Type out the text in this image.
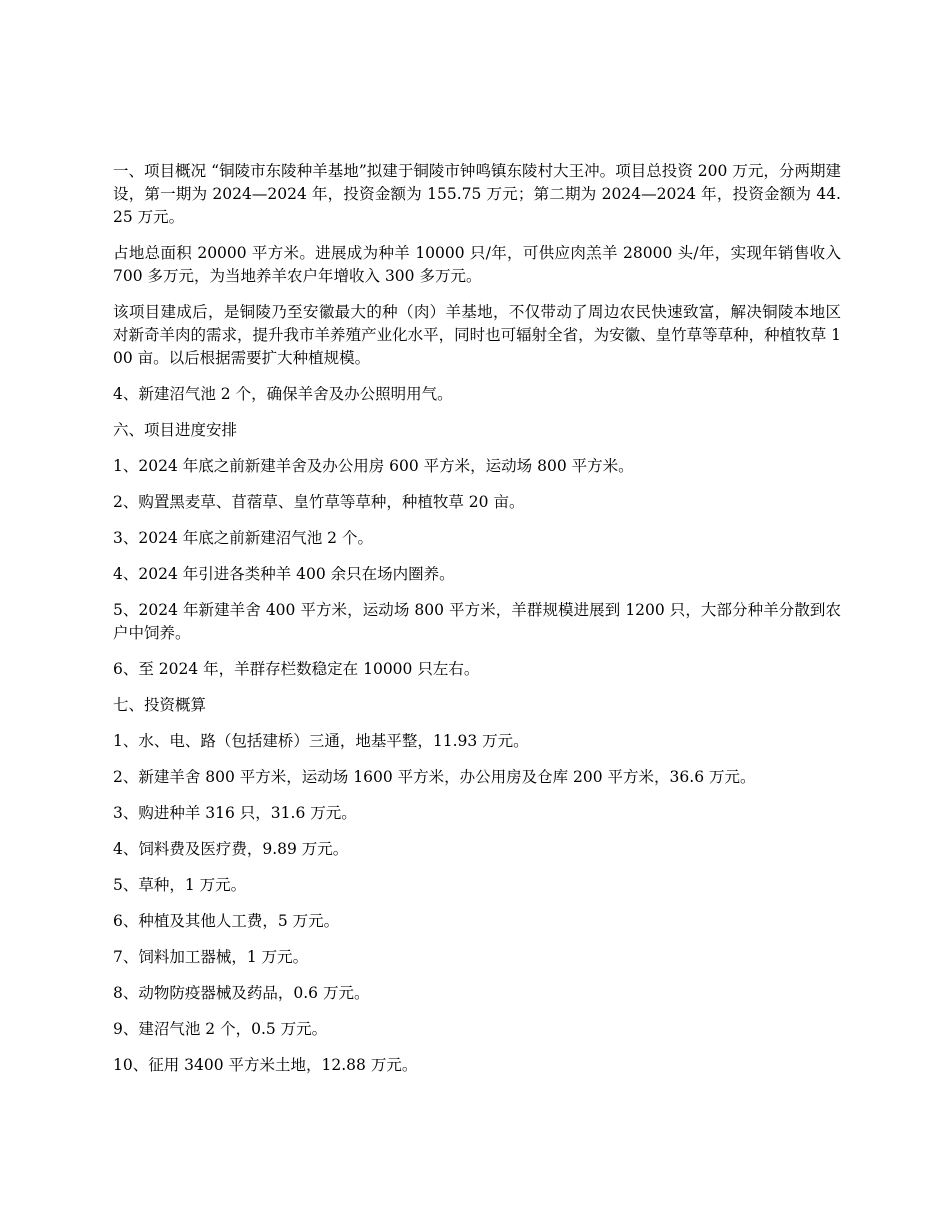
一、项目概况 “铜陵市东陵种羊基地”拟建于铜陵市钟鸣镇东陵村大王冲。项目总投资 200 万元，分两期建设，第一期为 2024—2024 年，投资金额为 155.75 万元；第二期为 2024—2024 年，投资金额为 44.25 万元。

占地总面积 20000 平方米。进展成为种羊 10000 只/年，可供应肉羔羊 28000 头/年，实现年销售收入 700 多万元，为当地养羊农户年增收入 300 多万元。

该项目建成后，是铜陵乃至安徽最大的种（肉）羊基地，不仅带动了周边农民快速致富，解决铜陵本地区对新奇羊肉的需求，提升我市羊养殖产业化水平，同时也可辐射全省，为安徽、皇竹草等草种，种植牧草 100 亩。以后根据需要扩大种植规模。

4、新建沼气池 2 个，确保羊舍及办公照明用气。

六、项目进度安排

1、2024 年底之前新建羊舍及办公用房 600 平方米，运动场 800 平方米。

2、购置黑麦草、苜蓿草、皇竹草等草种，种植牧草 20 亩。

3、2024 年底之前新建沼气池 2 个。

4、2024 年引进各类种羊 400 余只在场内圈养。

5、2024 年新建羊舍 400 平方米，运动场 800 平方米，羊群规模进展到 1200 只，大部分种羊分散到农户中饲养。

6、至 2024 年，羊群存栏数稳定在 10000 只左右。

七、投资概算

1、水、电、路（包括建桥）三通，地基平整，11.93 万元。

2、新建羊舍 800 平方米，运动场 1600 平方米，办公用房及仓库 200 平方米，36.6 万元。

3、购进种羊 316 只，31.6 万元。

4、饲料费及医疗费，9.89 万元。

5、草种，1 万元。

6、种植及其他人工费，5 万元。

7、饲料加工器械，1 万元。

8、动物防疫器械及药品，0.6 万元。

9、建沼气池 2 个，0.5 万元。

10、征用 3400 平方米土地，12.88 万元。
